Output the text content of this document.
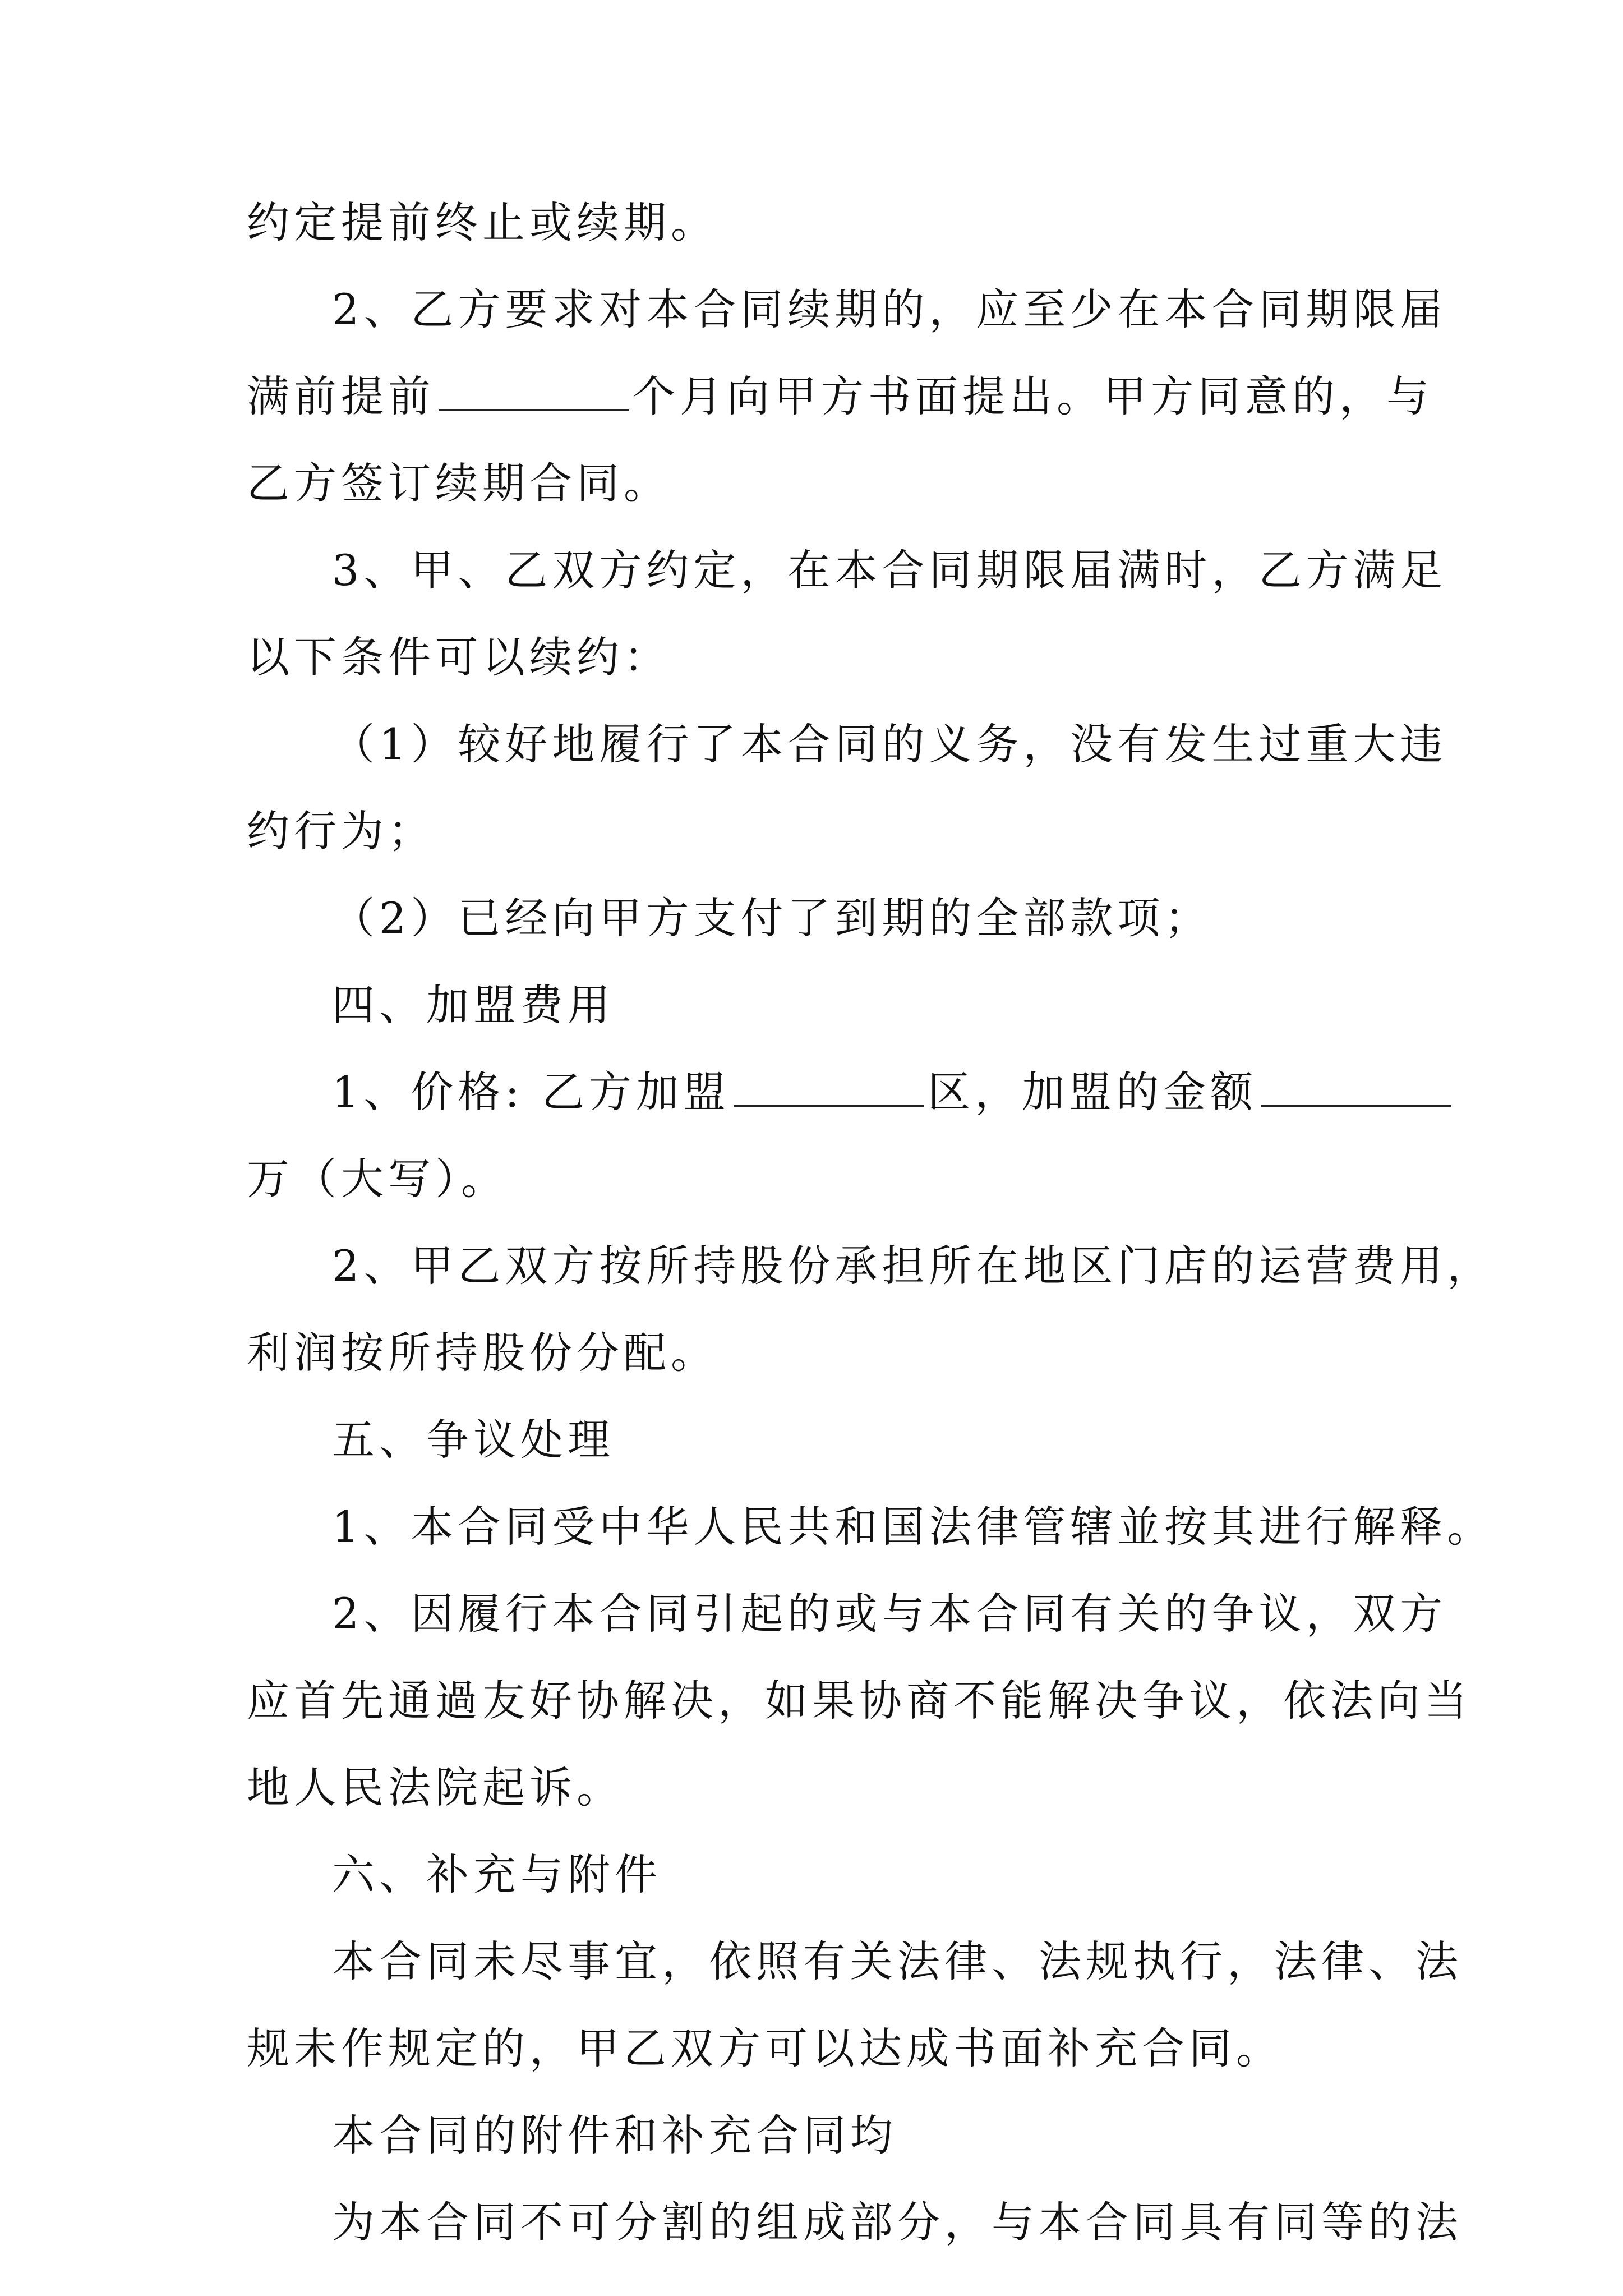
约定提前终止或续期。
2、乙方要求对本合同续期的，应至少在本合同期限届
满前提前	个月向甲方书面提出。甲方同意的，与
乙方签订续期合同。
3、甲、乙双方约定，在本合同期限届满时，乙方满足
以下条件可以续约：
（1）较好地履行了本合同的义务，没有发生过重大违
约行为；
（2）已经向甲方支付了到期的全部款项；
四、加盟费用
1、价格: 乙方加盟	区，加盟的金额
万（大写）。
2、甲乙双方按所持股份承担所在地区门店的运营费用，
利润按所持股份分配。
五、争议处理
1、本合同受中华人民共和国法律管辖並按其进行解释。
2、因履行本合同引起的或与本合同有关的争议，双方
应首先通過友好协解决，如果协商不能解决争议，依法向当
地人民法院起诉。
六、补充与附件
本合同未尽事宜，依照有关法律、法规执行，法律、法
规未作规定的，甲乙双方可以达成书面补充合同。
本合同的附件和补充合同均
为本合同不可分割的组成部分，与本合同具有同等的法
